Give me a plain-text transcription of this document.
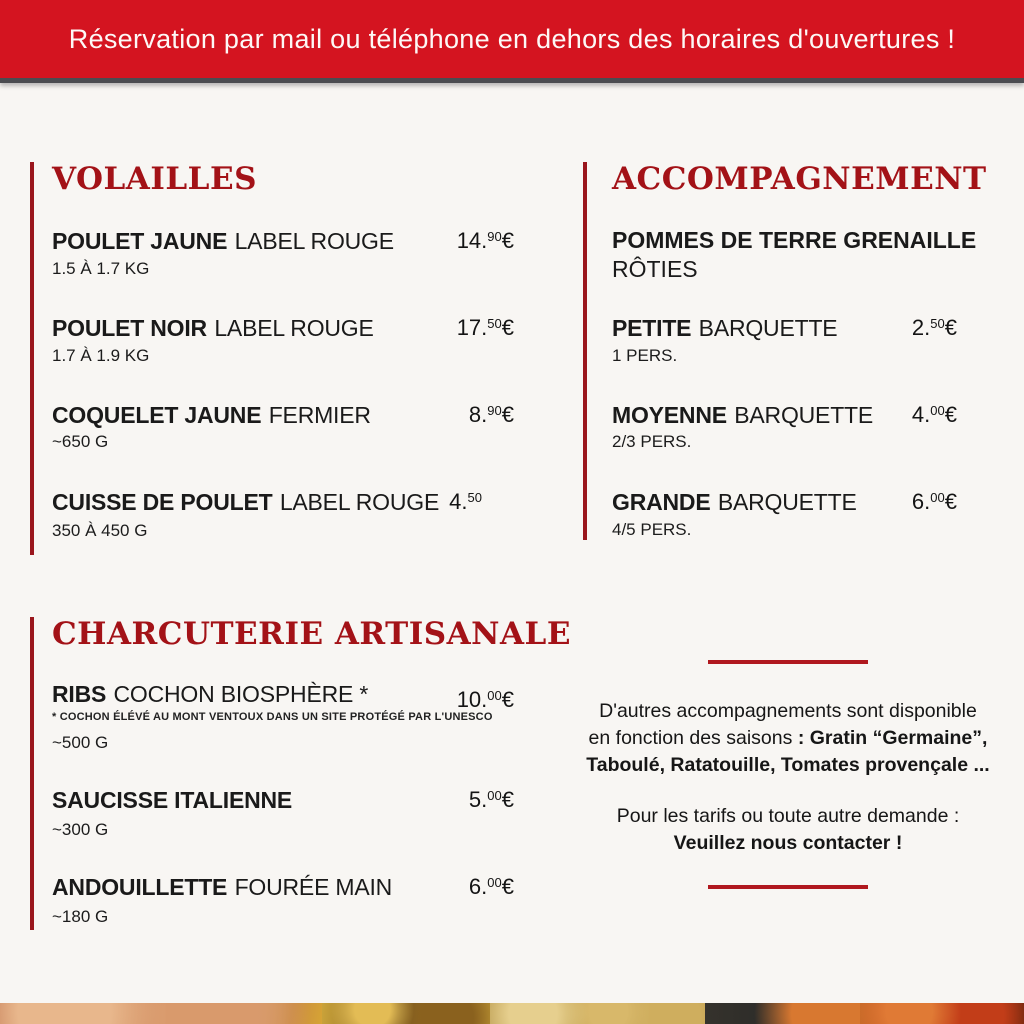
Réservation par mail ou téléphone en dehors des horaires d'ouvertures !
VOLAILLES
POULET JAUNE LABEL ROUGE	14.90€
1.5 À 1.7 KG
POULET NOIR LABEL ROUGE	17.50€
1.7 À 1.9 KG
COQUELET JAUNE FERMIER	8.90€
~650 G
CUISSE DE POULET LABEL ROUGE 4.50
350 À 450 G
ACCOMPAGNEMENT
POMMES DE TERRE GRENAILLE
RÔTIES
PETITE BARQUETTE	2.50€
1 PERS.
MOYENNE BARQUETTE	4.00€
2/3 PERS.
GRANDE BARQUETTE	6.00€
4/5 PERS.
CHARCUTERIE ARTISANALE
RIBS COCHON BIOSPHÈRE *	10.00€
* COCHON ÉLÉVÉ AU MONT VENTOUX DANS UN SITE PROTÉGÉ PAR L'UNESCO
~500 G
SAUCISSE ITALIENNE	5.00€
~300 G
ANDOUILLETTE FOURÉE MAIN	6.00€
~180 G

D'autres accompagnements sont disponible
en fonction des saisons : Gratin “Germaine”,
Taboulé, Ratatouille, Tomates provençale ...

Pour les tarifs ou toute autre demande :
Veuillez nous contacter !
